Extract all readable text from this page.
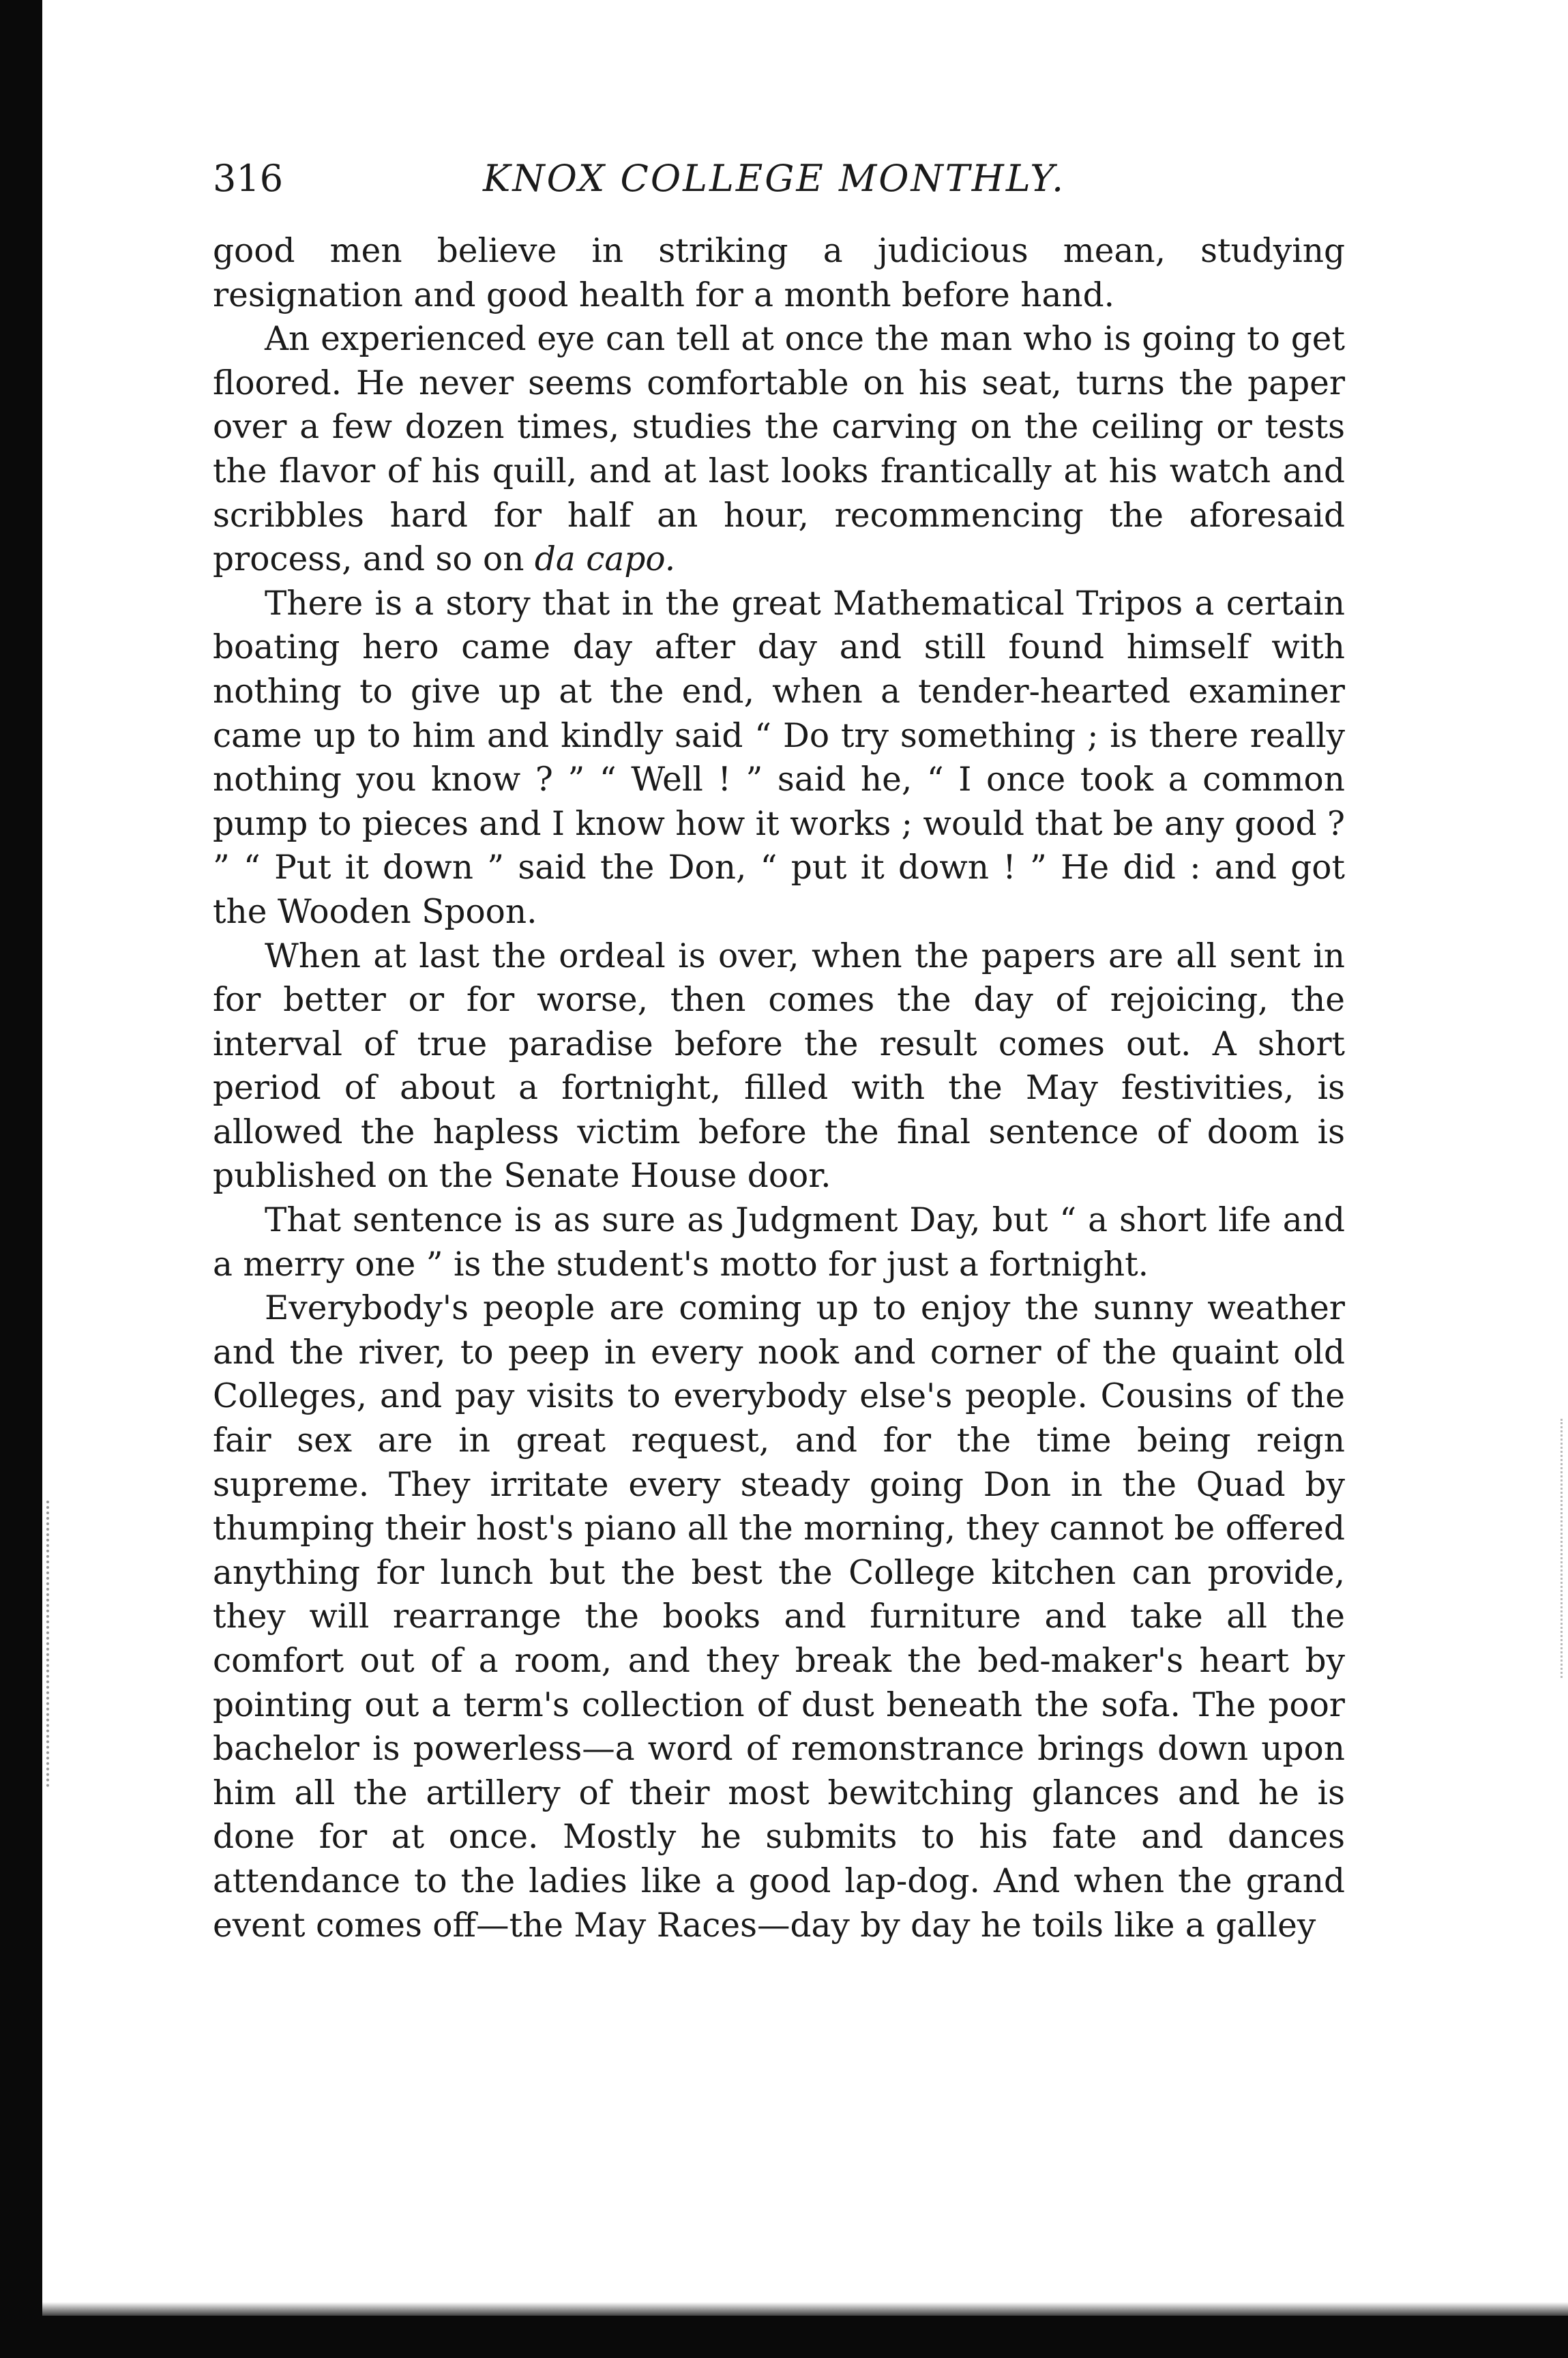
316	KNOX COLLEGE MONTHLY.

good men believe in striking a judicious mean, studying resignation and good health for a month before hand.

An experienced eye can tell at once the man who is going to get floored. He never seems comfortable on his seat, turns the paper over a few dozen times, studies the carving on the ceiling or tests the flavor of his quill, and at last looks frantically at his watch and scribbles hard for half an hour, recommencing the aforesaid process, and so on da capo.

There is a story that in the great Mathematical Tripos a certain boating hero came day after day and still found himself with nothing to give up at the end, when a tender-hearted examiner came up to him and kindly said “ Do try something ; is there really nothing you know ? ” “ Well ! ” said he, “ I once took a common pump to pieces and I know how it works ; would that be any good ? ” “ Put it down ” said the Don, “ put it down ! ” He did : and got the Wooden Spoon.

When at last the ordeal is over, when the papers are all sent in for better or for worse, then comes the day of rejoicing, the interval of true paradise before the result comes out. A short period of about a fortnight, filled with the May festivities, is allowed the hapless victim before the final sentence of doom is published on the Senate House door.

That sentence is as sure as Judgment Day, but “ a short life and a merry one ” is the student's motto for just a fortnight.

Everybody's people are coming up to enjoy the sunny weather and the river, to peep in every nook and corner of the quaint old Colleges, and pay visits to everybody else's people. Cousins of the fair sex are in great request, and for the time being reign supreme. They irritate every steady going Don in the Quad by thumping their host's piano all the morning, they cannot be offered anything for lunch but the best the College kitchen can provide, they will rearrange the books and furniture and take all the comfort out of a room, and they break the bed-maker's heart by pointing out a term's collection of dust beneath the sofa. The poor bachelor is powerless—a word of remonstrance brings down upon him all the artillery of their most bewitching glances and he is done for at once. Mostly he submits to his fate and dances attendance to the ladies like a good lap-dog. And when the grand event comes off—the May Races—day by day he toils like a galley
